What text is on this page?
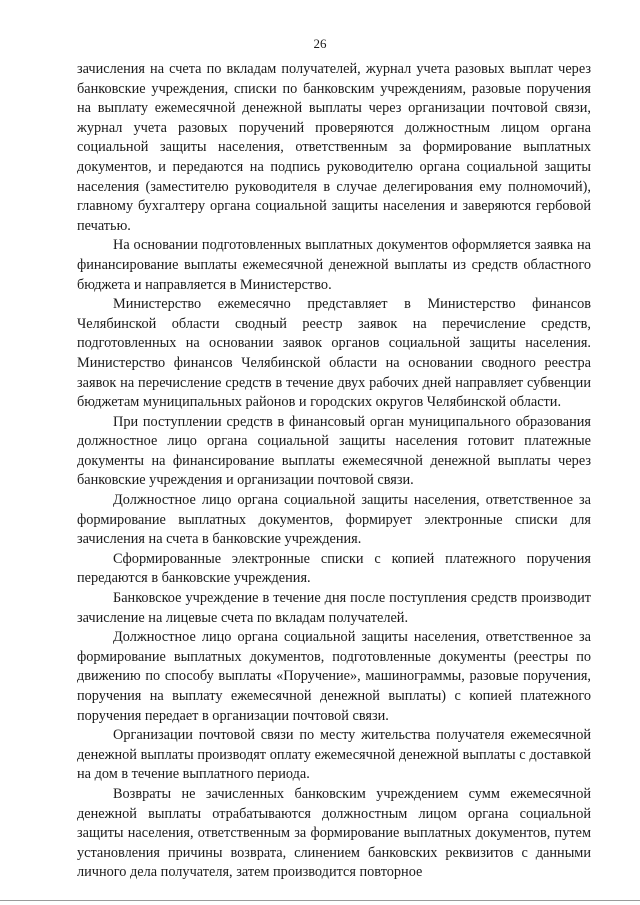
26

зачисления на счета по вкладам получателей, журнал учета разовых выплат через банковские учреждения, списки по банковским учреждениям, разовые поручения на выплату ежемесячной денежной выплаты через организации почтовой связи, журнал учета разовых поручений проверяются должностным лицом органа социальной защиты населения, ответственным за формирование выплатных документов, и передаются на подпись руководителю органа социальной защиты населения (заместителю руководителя в случае делегирования ему полномочий), главному бухгалтеру органа социальной защиты населения и заверяются гербовой печатью.

На основании подготовленных выплатных документов оформляется заявка на финансирование выплаты ежемесячной денежной выплаты из средств областного бюджета и направляется в Министерство.

Министерство ежемесячно представляет в Министерство финансов Челябинской области сводный реестр заявок на перечисление средств, подготовленных на основании заявок органов социальной защиты населения. Министерство финансов Челябинской области на основании сводного реестра заявок на перечисление средств в течение двух рабочих дней направляет субвенции бюджетам муниципальных районов и городских округов Челябинской области.

При поступлении средств в финансовый орган муниципального образования должностное лицо органа социальной защиты населения готовит платежные документы на финансирование выплаты ежемесячной денежной выплаты через банковские учреждения и организации почтовой связи.

Должностное лицо органа социальной защиты населения, ответственное за формирование выплатных документов, формирует электронные списки для зачисления на счета в банковские учреждения.

Сформированные электронные списки с копией платежного поручения передаются в банковские учреждения.

Банковское учреждение в течение дня после поступления средств производит зачисление на лицевые счета по вкладам получателей.

Должностное лицо органа социальной защиты населения, ответственное за формирование выплатных документов, подготовленные документы (реестры по движению по способу выплаты «Поручение», машинограммы, разовые поручения, поручения на выплату ежемесячной денежной выплаты) с копией платежного поручения передает в организации почтовой связи.

Организации почтовой связи по месту жительства получателя ежемесячной денежной выплаты производят оплату ежемесячной денежной выплаты с доставкой на дом в течение выплатного периода.

Возвраты не зачисленных банковским учреждением сумм ежемесячной денежной выплаты отрабатываются должностным лицом органа социальной защиты населения, ответственным за формирование выплатных документов, путем установления причины возврата, слинением банковских реквизитов с данными личного дела получателя, затем производится повторное
